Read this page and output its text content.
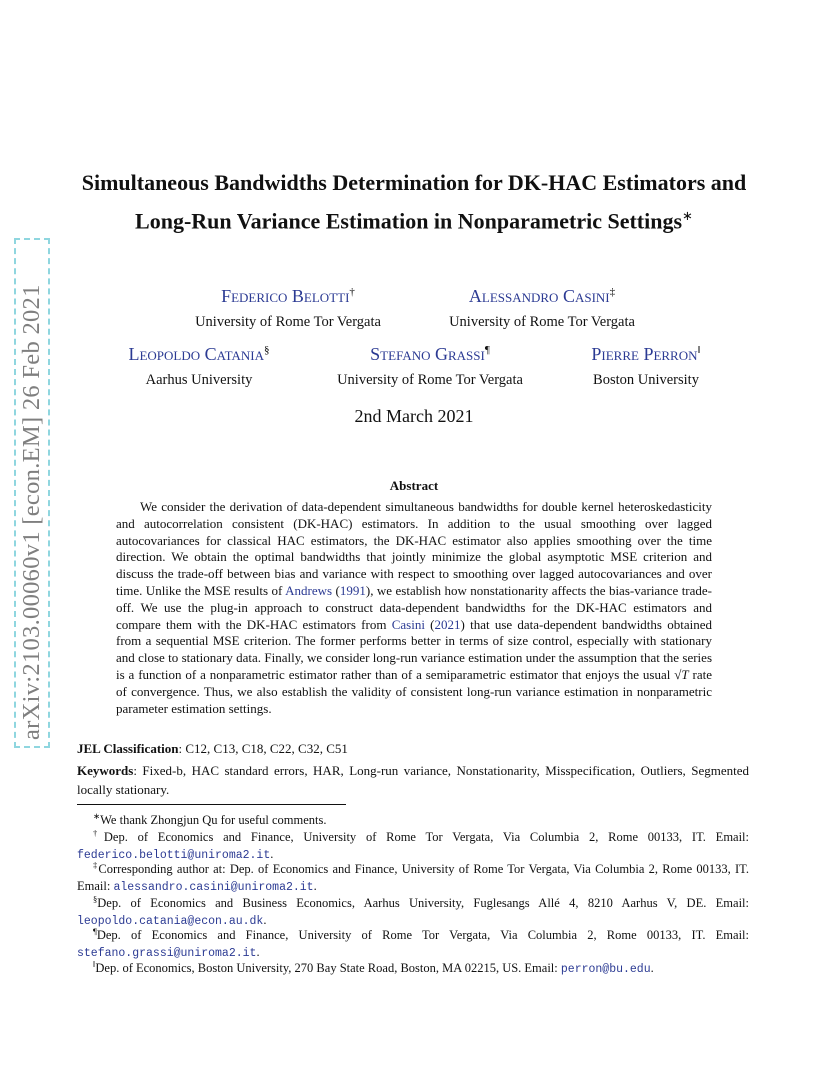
arXiv:2103.00060v1 [econ.EM] 26 Feb 2021
Simultaneous Bandwidths Determination for DK-HAC Estimators and Long-Run Variance Estimation in Nonparametric Settings∗
Federico Belotti†
University of Rome Tor Vergata
Alessandro Casini‡
University of Rome Tor Vergata
Leopoldo Catania§
Aarhus University
Stefano Grassi¶
University of Rome Tor Vergata
Pierre Perron‖
Boston University
2nd March 2021
Abstract
We consider the derivation of data-dependent simultaneous bandwidths for double kernel heteroskedasticity and autocorrelation consistent (DK-HAC) estimators. In addition to the usual smoothing over lagged autocovariances for classical HAC estimators, the DK-HAC estimator also applies smoothing over the time direction. We obtain the optimal bandwidths that jointly minimize the global asymptotic MSE criterion and discuss the trade-off between bias and variance with respect to smoothing over lagged autocovariances and over time. Unlike the MSE results of Andrews (1991), we establish how nonstationarity affects the bias-variance trade-off. We use the plug-in approach to construct data-dependent bandwidths for the DK-HAC estimators and compare them with the DK-HAC estimators from Casini (2021) that use data-dependent bandwidths obtained from a sequential MSE criterion. The former performs better in terms of size control, especially with stationary and close to stationary data. Finally, we consider long-run variance estimation under the assumption that the series is a function of a nonparametric estimator rather than of a semiparametric estimator that enjoys the usual √T rate of convergence. Thus, we also establish the validity of consistent long-run variance estimation in nonparametric parameter estimation settings.
JEL Classification: C12, C13, C18, C22, C32, C51
Keywords: Fixed-b, HAC standard errors, HAR, Long-run variance, Nonstationarity, Misspecification, Outliers, Segmented locally stationary.
∗We thank Zhongjun Qu for useful comments.
†Dep. of Economics and Finance, University of Rome Tor Vergata, Via Columbia 2, Rome 00133, IT. Email: federico.belotti@uniroma2.it.
‡Corresponding author at: Dep. of Economics and Finance, University of Rome Tor Vergata, Via Columbia 2, Rome 00133, IT. Email: alessandro.casini@uniroma2.it.
§Dep. of Economics and Business Economics, Aarhus University, Fuglesangs Allé 4, 8210 Aarhus V, DE. Email: leopoldo.catania@econ.au.dk.
¶Dep. of Economics and Finance, University of Rome Tor Vergata, Via Columbia 2, Rome 00133, IT. Email: stefano.grassi@uniroma2.it.
‖Dep. of Economics, Boston University, 270 Bay State Road, Boston, MA 02215, US. Email: perron@bu.edu.
